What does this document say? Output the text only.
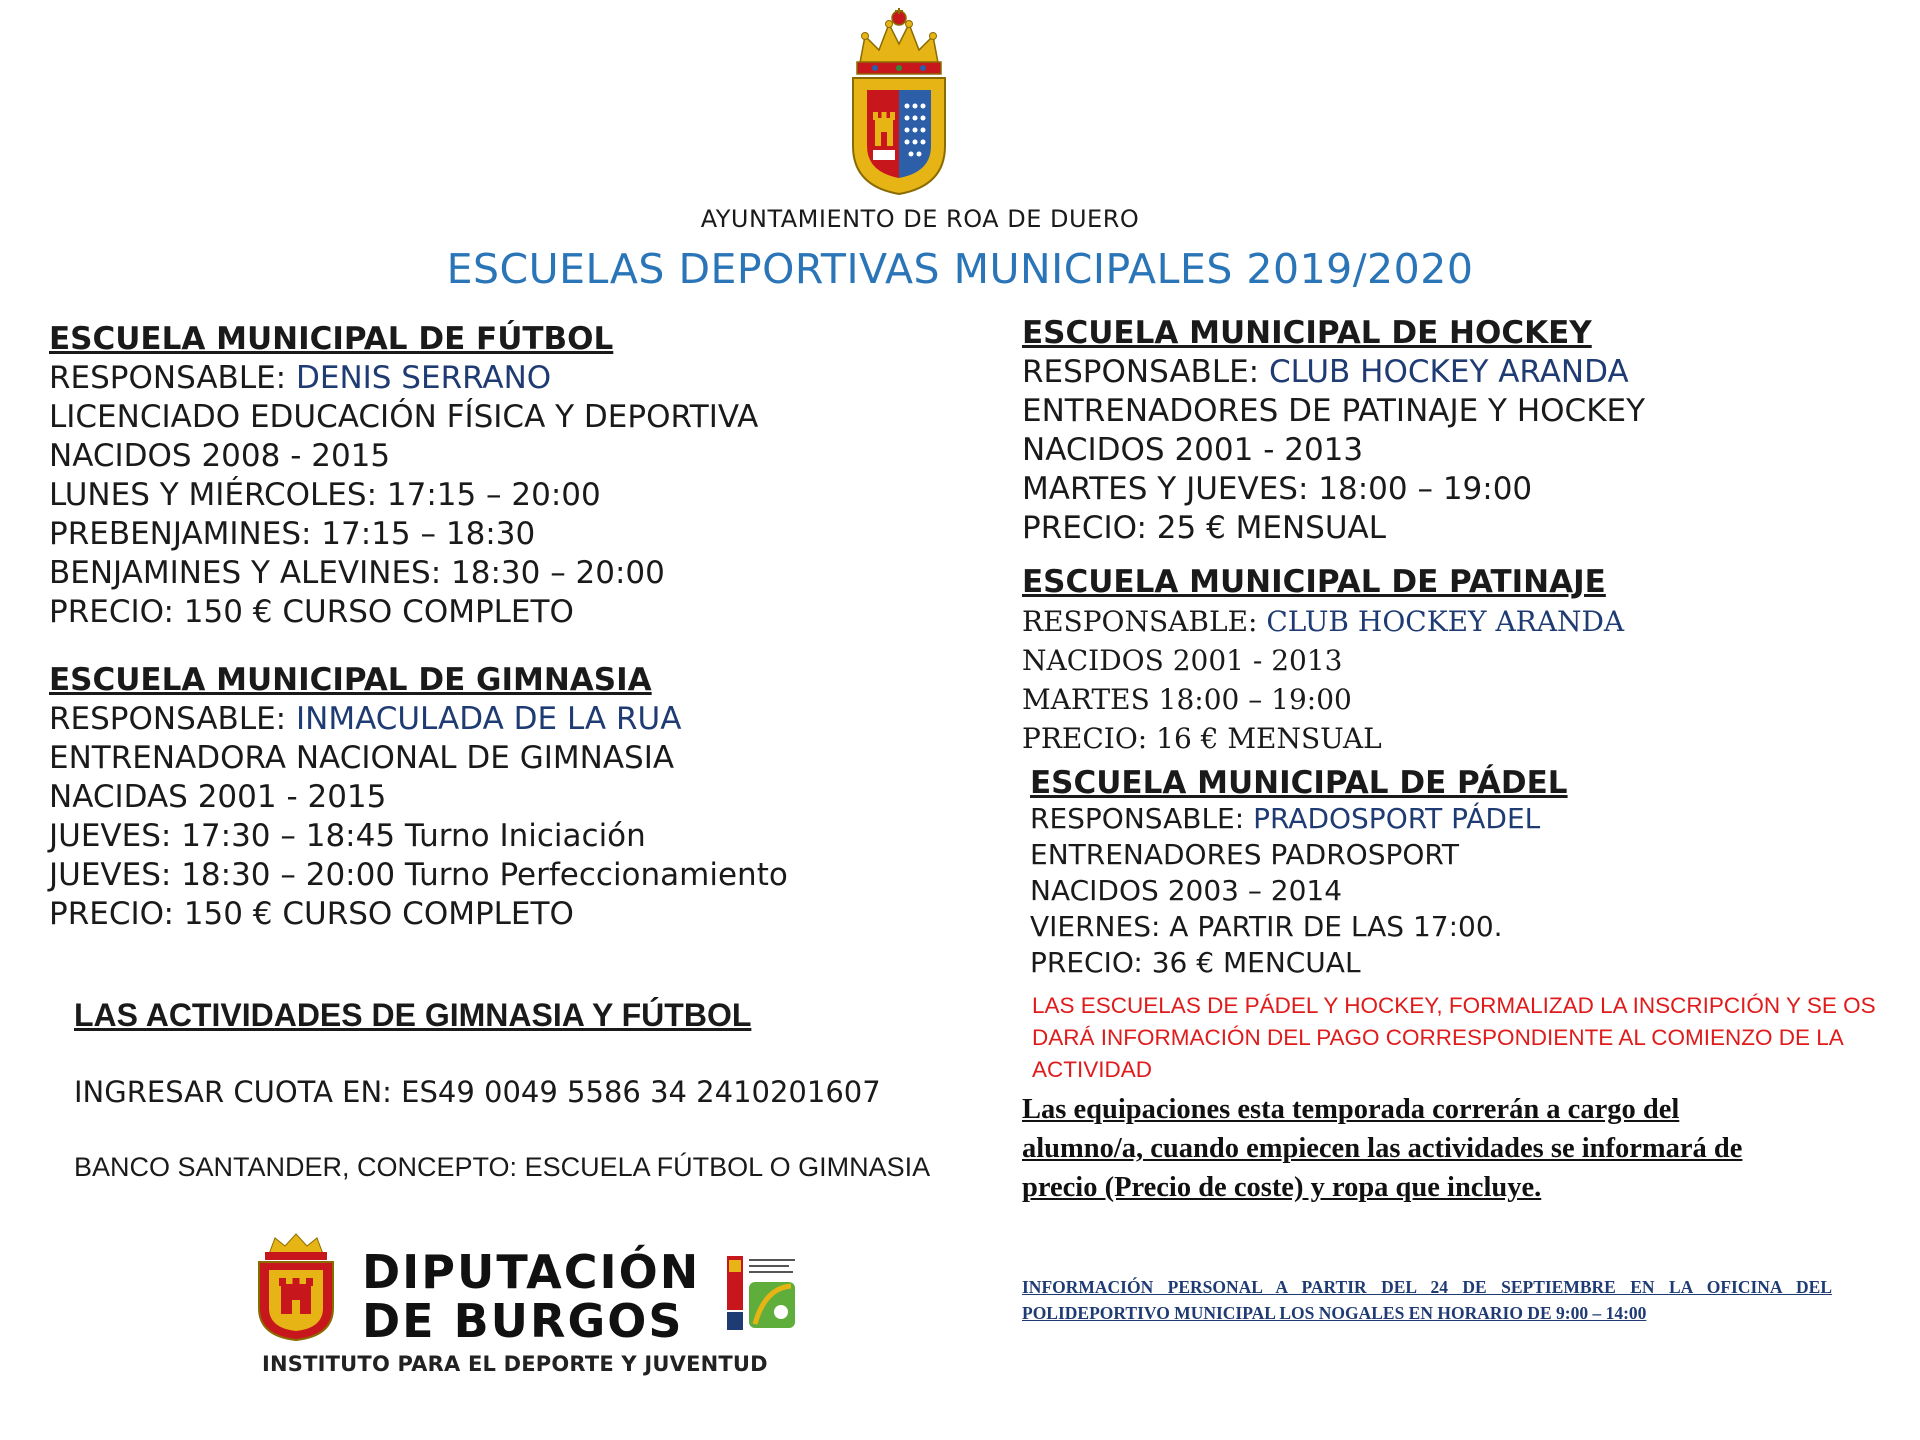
AYUNTAMIENTO DE ROA DE DUERO
ESCUELAS DEPORTIVAS MUNICIPALES 2019/2020
ESCUELA MUNICIPAL DE FÚTBOL
RESPONSABLE: DENIS SERRANO
LICENCIADO EDUCACIÓN FÍSICA Y DEPORTIVA
NACIDOS 2008 - 2015
LUNES Y MIÉRCOLES: 17:15 – 20:00
PREBENJAMINES: 17:15 – 18:30
BENJAMINES Y ALEVINES: 18:30 – 20:00
PRECIO: 150 € CURSO COMPLETO
ESCUELA MUNICIPAL DE GIMNASIA
RESPONSABLE: INMACULADA DE LA RUA
ENTRENADORA NACIONAL DE GIMNASIA
NACIDAS 2001 - 2015
JUEVES: 17:30 – 18:45 Turno Iniciación
JUEVES: 18:30 – 20:00 Turno Perfeccionamiento
PRECIO: 150 € CURSO COMPLETO
ESCUELA MUNICIPAL DE HOCKEY
RESPONSABLE: CLUB HOCKEY ARANDA
ENTRENADORES DE PATINAJE Y HOCKEY
NACIDOS 2001 - 2013
MARTES Y JUEVES: 18:00 – 19:00
PRECIO: 25 € MENSUAL
ESCUELA MUNICIPAL DE PATINAJE
RESPONSABLE: CLUB HOCKEY ARANDA
NACIDOS 2001 - 2013
MARTES 18:00 – 19:00
PRECIO: 16 € MENSUAL
ESCUELA MUNICIPAL DE PÁDEL
RESPONSABLE: PRADOSPORT PÁDEL
ENTRENADORES PADROSPORT
NACIDOS 2003 – 2014
VIERNES: A PARTIR DE LAS 17:00.
PRECIO: 36 € MENCUAL
LAS ACTIVIDADES DE GIMNASIA Y FÚTBOL
INGRESAR CUOTA EN: ES49 0049 5586 34 2410201607
BANCO SANTANDER, CONCEPTO: ESCUELA FÚTBOL O GIMNASIA
DIPUTACIÓN
DE BURGOS
INSTITUTO PARA EL DEPORTE Y JUVENTUD
LAS ESCUELAS DE PÁDEL Y HOCKEY, FORMALIZAD LA INSCRIPCIÓN Y SE OS DARÁ INFORMACIÓN DEL PAGO CORRESPONDIENTE AL COMIENZO DE LA ACTIVIDAD
Las equipaciones esta temporada correrán a cargo del alumno/a, cuando empiecen las actividades se informará de precio (Precio de coste) y ropa que incluye.
INFORMACIÓN PERSONAL A PARTIR DEL 24 DE SEPTIEMBRE EN LA OFICINA DEL POLIDEPORTIVO MUNICIPAL LOS NOGALES EN HORARIO DE 9:00 – 14:00
